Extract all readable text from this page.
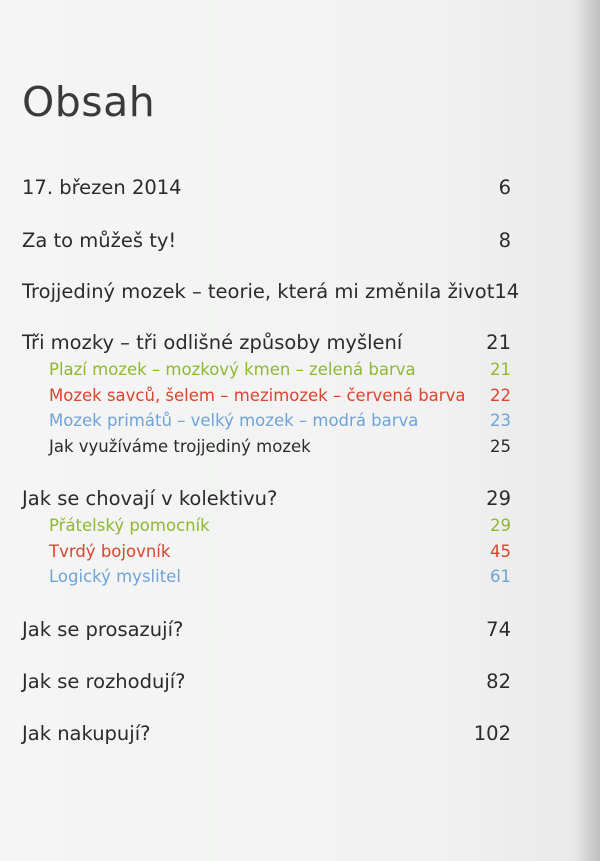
Obsah
17. březen 2014	6
Za to můžeš ty!	8
Trojjediný mozek – teorie, která mi změnila život 14
Tři mozky – tři odlišné způsoby myšlení	21
Plazí mozek – mozkový kmen – zelená barva	21
Mozek savců, šelem – mezimozek – červená barva 22
Mozek primátů – velký mozek – modrá barva	23
Jak využíváme trojjediný mozek	25
Jak se chovají v kolektivu?	29
Přátelský pomocník	29
Tvrdý bojovník	45
Logický myslitel	61
Jak se prosazují?	74
Jak se rozhodují?	82
Jak nakupují?	102
